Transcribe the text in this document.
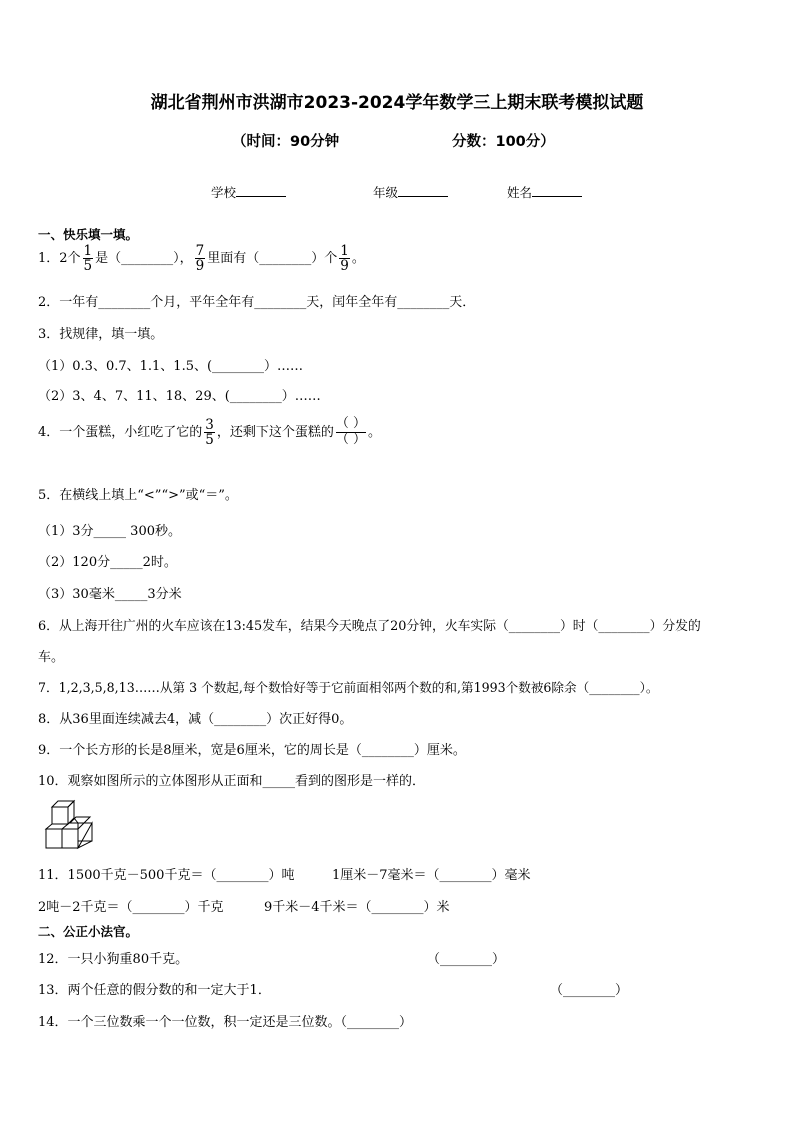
湖北省荆州市洪湖市2023-2024学年数学三上期末联考模拟试题
（时间：90分钟	分数：100分）
学校	年级	姓名
一、快乐填一填。
1．2个 $\frac{1}{5}$ 是（________）， $\frac{7}{9}$ 里面有（________）个 $\frac{1}{9}$ 。
2．一年有________个月，平年全年有________天，闰年全年有________天．
3．找规律，填一填。
（1）0.3、0.7、1.1、1.5、(________）……
（2）3、4、7、11、18、29、(________）……
4．一个蛋糕，小红吃了它的 $\frac{3}{5}$ ，还剩下这个蛋糕的 $\frac{( )}{( )}$ 。
5．在横线上填上“<”“>”或“＝”。
（1）3分_____ 300秒。
（2）120分_____2时。
（3）30毫米_____3分米
6．从上海开往广州的火车应该在13:45发车，结果今天晚点了20分钟，火车实际（________）时（________）分发的
车。
7．1,2,3,5,8,13……从第 3 个数起,每个数恰好等于它前面相邻两个数的和,第1993个数被6除余（________）。
8．从36里面连续减去4，减（________）次正好得0。
9．一个长方形的长是8厘米，宽是6厘米，它的周长是（________）厘米。
10．观察如图所示的立体图形从正面和_____看到的图形是一样的．
11．1500千克－500千克＝（________）吨	1厘米－7毫米＝（________）毫米
2吨－2千克＝（________）千克	9千米－4千米＝（________）米
二、公正小法官。
12．一只小狗重80千克。	（________）
13．两个任意的假分数的和一定大于1．	（________）
14．一个三位数乘一个一位数，积一定还是三位数。（________）
